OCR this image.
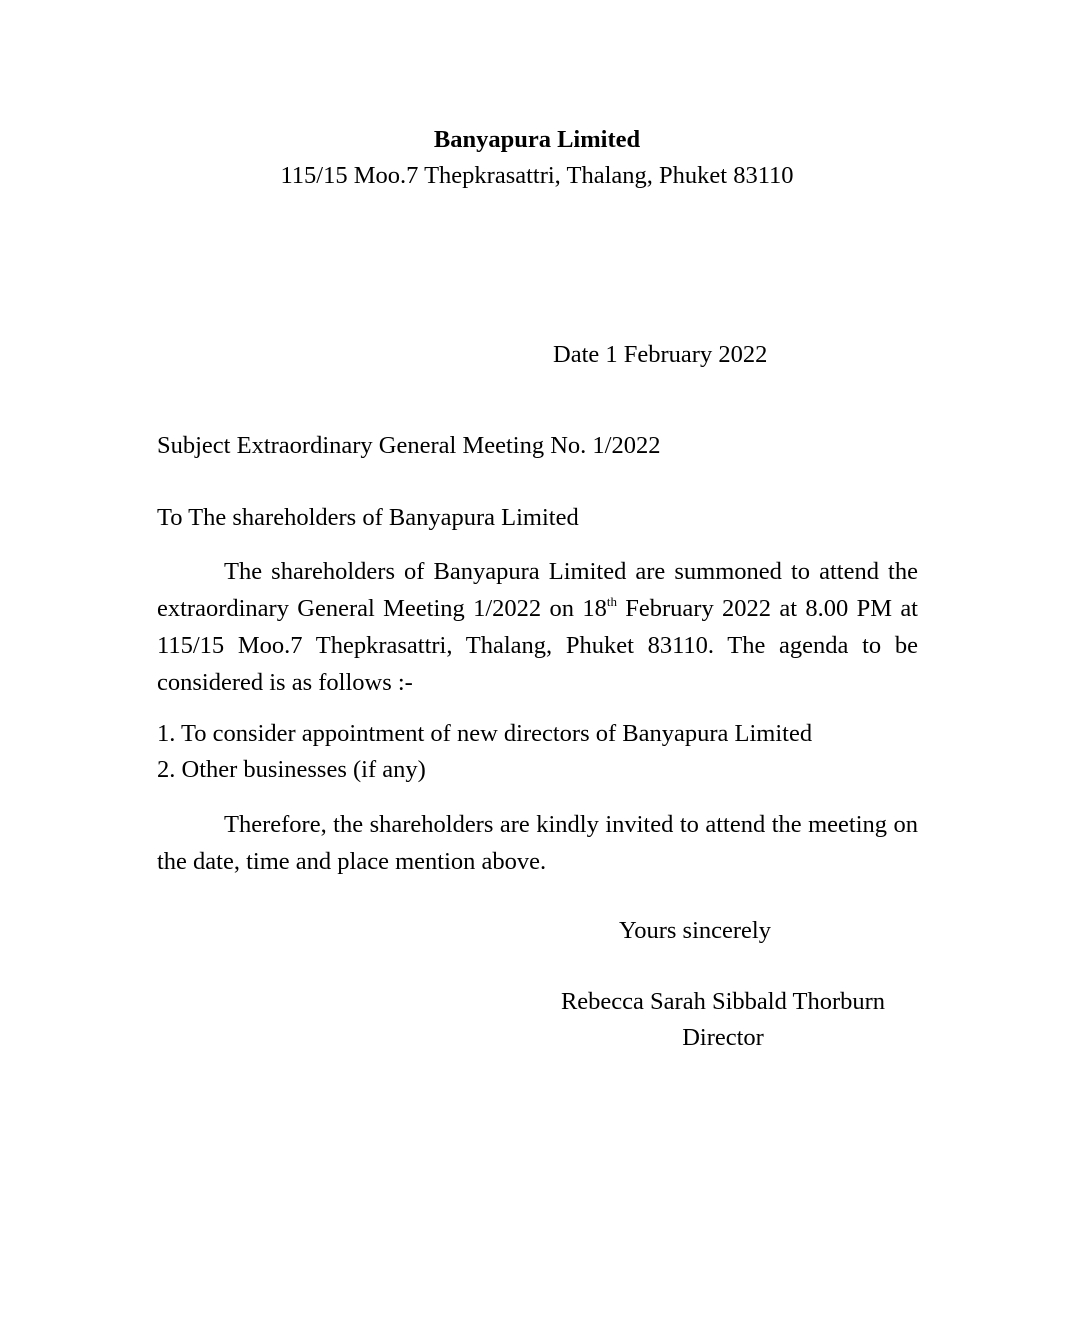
Banyapura Limited
115/15 Moo.7 Thepkrasattri, Thalang, Phuket 83110
Date 1 February 2022
Subject Extraordinary General Meeting No. 1/2022
To The shareholders of Banyapura Limited
The shareholders of Banyapura Limited are summoned to attend the extraordinary General Meeting 1/2022 on 18th February 2022 at 8.00 PM at 115/15 Moo.7 Thepkrasattri, Thalang, Phuket 83110. The agenda to be considered is as follows :-
1. To consider appointment of new directors of Banyapura Limited
2. Other businesses (if any)
Therefore, the shareholders are kindly invited to attend the meeting on the date, time and place mention above.
Yours sincerely
Rebecca Sarah Sibbald Thorburn
Director
